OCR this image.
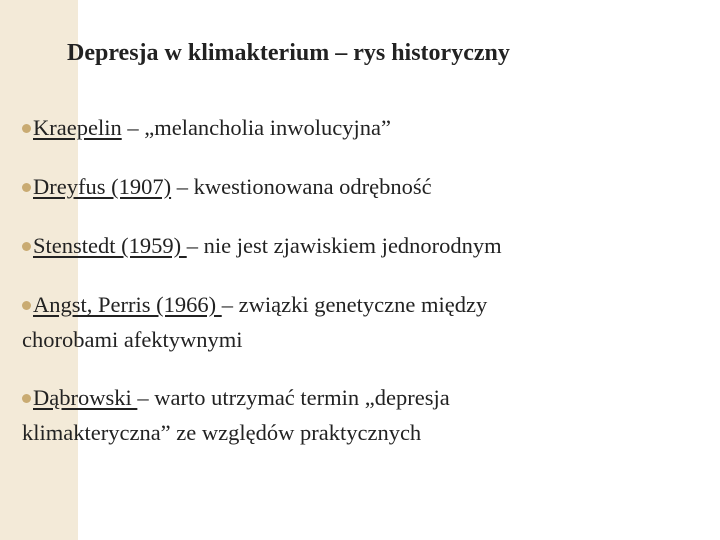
Depresja w klimakterium – rys historyczny
Kraepelin – „melancholia inwolucyjna”
Dreyfus (1907) – kwestionowana odrębność
Stenstedt (1959) – nie jest zjawiskiem jednorodnym
Angst, Perris (1966) – związki genetyczne między
chorobami afektywnymi
Dąbrowski – warto utrzymać termin „depresja
klimakteryczna” ze względów praktycznych
